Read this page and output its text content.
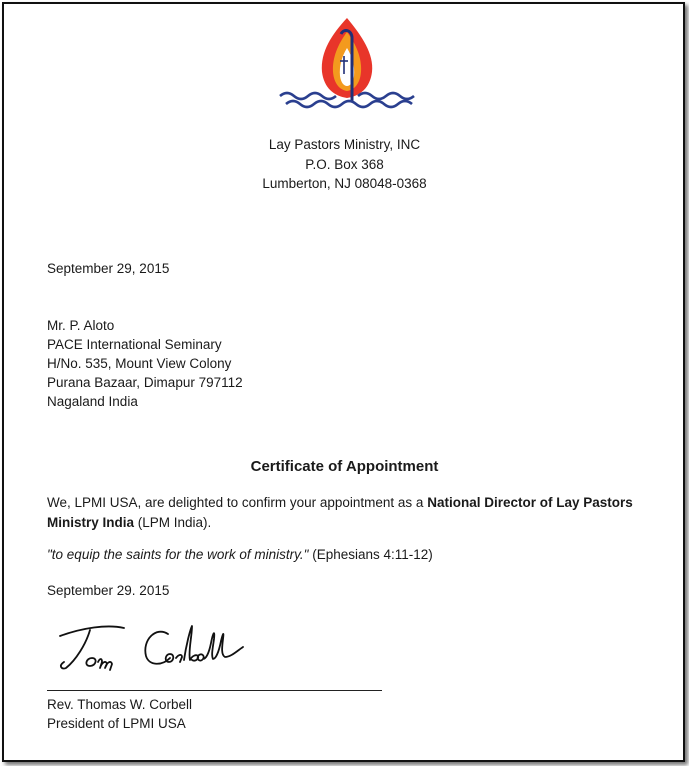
Lay Pastors Ministry, INC
P.O. Box 368
Lumberton, NJ 08048-0368
September 29, 2015
Mr. P. Aloto
PACE International Seminary
H/No. 535, Mount View Colony
Purana Bazaar, Dimapur 797112
Nagaland India
Certificate of Appointment
We, LPMI USA, are delighted to confirm your appointment as a National Director of Lay Pastors Ministry India (LPM India).
"to equip the saints for the work of ministry." (Ephesians 4:11-12)
September 29. 2015
Rev. Thomas W. Corbell
President of LPMI USA
